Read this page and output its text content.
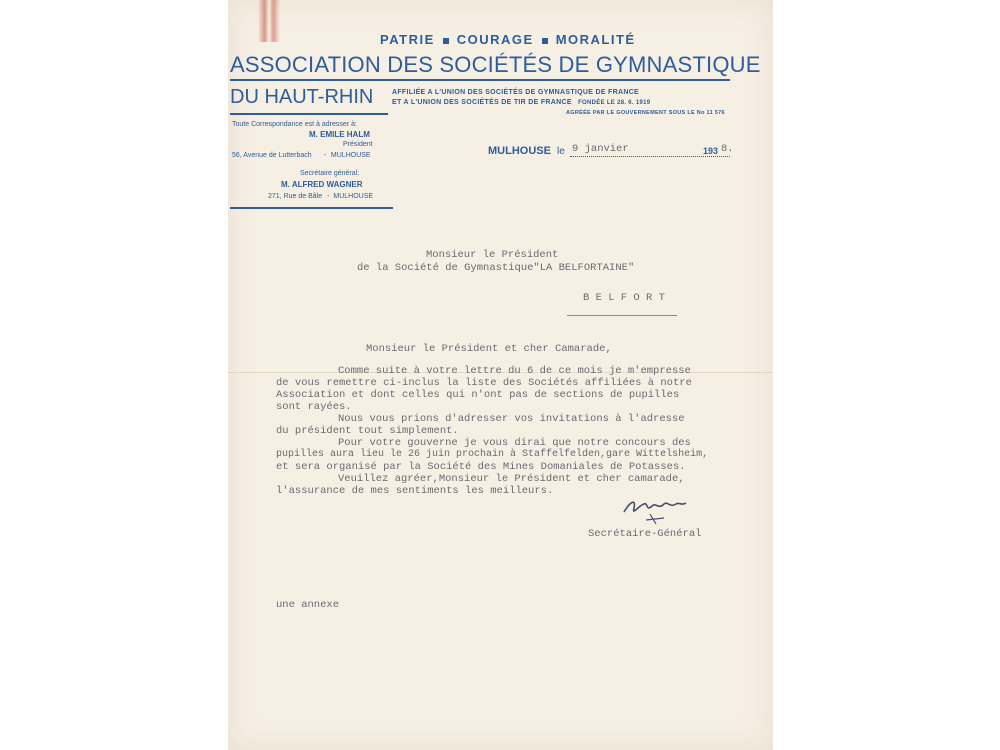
PATRIE COURAGE MORALITÉ
ASSOCIATION DES SOCIÉTÉS DE GYMNASTIQUE
DU HAUT-RHIN	AFFILIÉE A L'UNION DES SOCIÉTÉS DE GYMNASTIQUE DE FRANCE
ET A L'UNION DES SOCIÉTÉS DE TIR DE FRANCE FONDÉE LE 28. 6. 1919
AGRÉÉE PAR LE GOUVERNEMENT SOUS LE No 11 576
Toute Correspondance est à adresser à:
M. EMILE HALM
Président
56, Avenue de Lutterbach - MULHOUSE
Secrétaire général:
M. ALFRED WAGNER
271, Rue de Bâle - MULHOUSE
MULHOUSE le 9 janvier	193 8.
Monsieur le Président
de la Société de Gymnastique"LA BELFORTAINE"
B E L F O R T
Monsieur le Président et cher Camarade,
Comme suite à votre lettre du 6 de ce mois je m'empresse
de vous remettre ci-inclus la liste des Sociétés affiliées à notre
Association et dont celles qui n'ont pas de sections de pupilles
sont rayées.
Nous vous prions d'adresser vos invitations à l'adresse
du président tout simplement.
Pour votre gouverne je vous dirai que notre concours des
pupilles aura lieu le 26 juin prochain à Staffelfelden,gare Wittelsheim,
et sera organisé par la Société des Mines Domaniales de Potasses.
Veuillez agréer,Monsieur le Président et cher camarade,
l'assurance de mes sentiments les meilleurs.
Secrétaire-Général
une annexe
